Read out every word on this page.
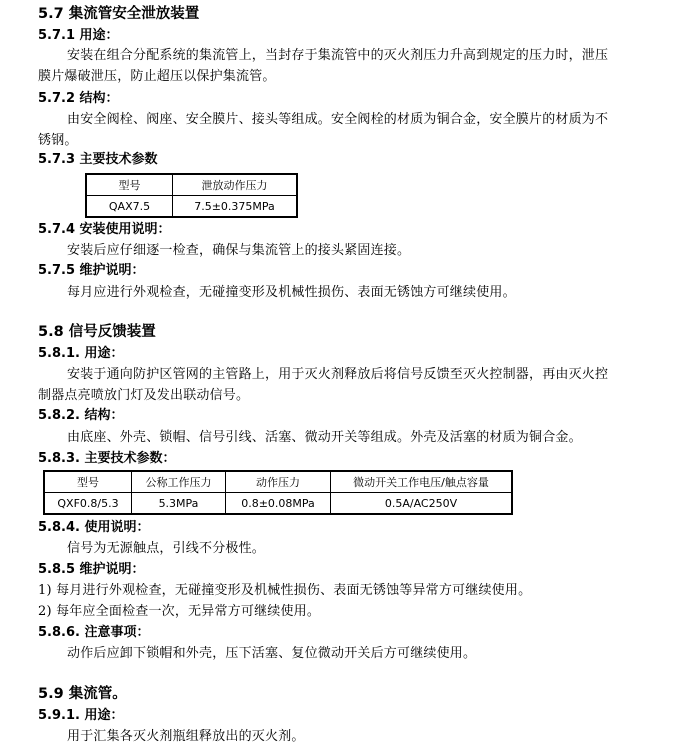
5.7 集流管安全泄放装置
5.7.1 用途：
安装在组合分配系统的集流管上，当封存于集流管中的灭火剂压力升高到规定的压力时，泄压
膜片爆破泄压，防止超压以保护集流管。
5.7.2 结构：
由安全阀栓、阀座、安全膜片、接头等组成。安全阀栓的材质为铜合金，安全膜片的材质为不
锈钢。
5.7.3 主要技术参数
型号	泄放动作压力
QAX7.5	7.5±0.375MPa
5.7.4 安装使用说明：
安装后应仔细逐一检查，确保与集流管上的接头紧固连接。
5.7.5 维护说明：
每月应进行外观检查，无碰撞变形及机械性损伤、表面无锈蚀方可继续使用。
5.8 信号反馈装置
5.8.1. 用途：
安装于通向防护区管网的主管路上，用于灭火剂释放后将信号反馈至灭火控制器，再由灭火控
制器点亮喷放门灯及发出联动信号。
5.8.2. 结构：
由底座、外壳、锁帽、信号引线、活塞、微动开关等组成。外壳及活塞的材质为铜合金。
5.8.3. 主要技术参数：
型号	公称工作压力	动作压力	微动开关工作电压/触点容量
QXF0.8/5.3	5.3MPa	0.8±0.08MPa	0.5A/AC250V
5.8.4. 使用说明：
信号为无源触点，引线不分极性。
5.8.5 维护说明：
1) 每月进行外观检查，无碰撞变形及机械性损伤、表面无锈蚀等异常方可继续使用。
2) 每年应全面检查一次，无异常方可继续使用。
5.8.6. 注意事项：
动作后应卸下锁帽和外壳，压下活塞、复位微动开关后方可继续使用。
5.9 集流管。
5.9.1. 用途：
用于汇集各灭火剂瓶组释放出的灭火剂。
